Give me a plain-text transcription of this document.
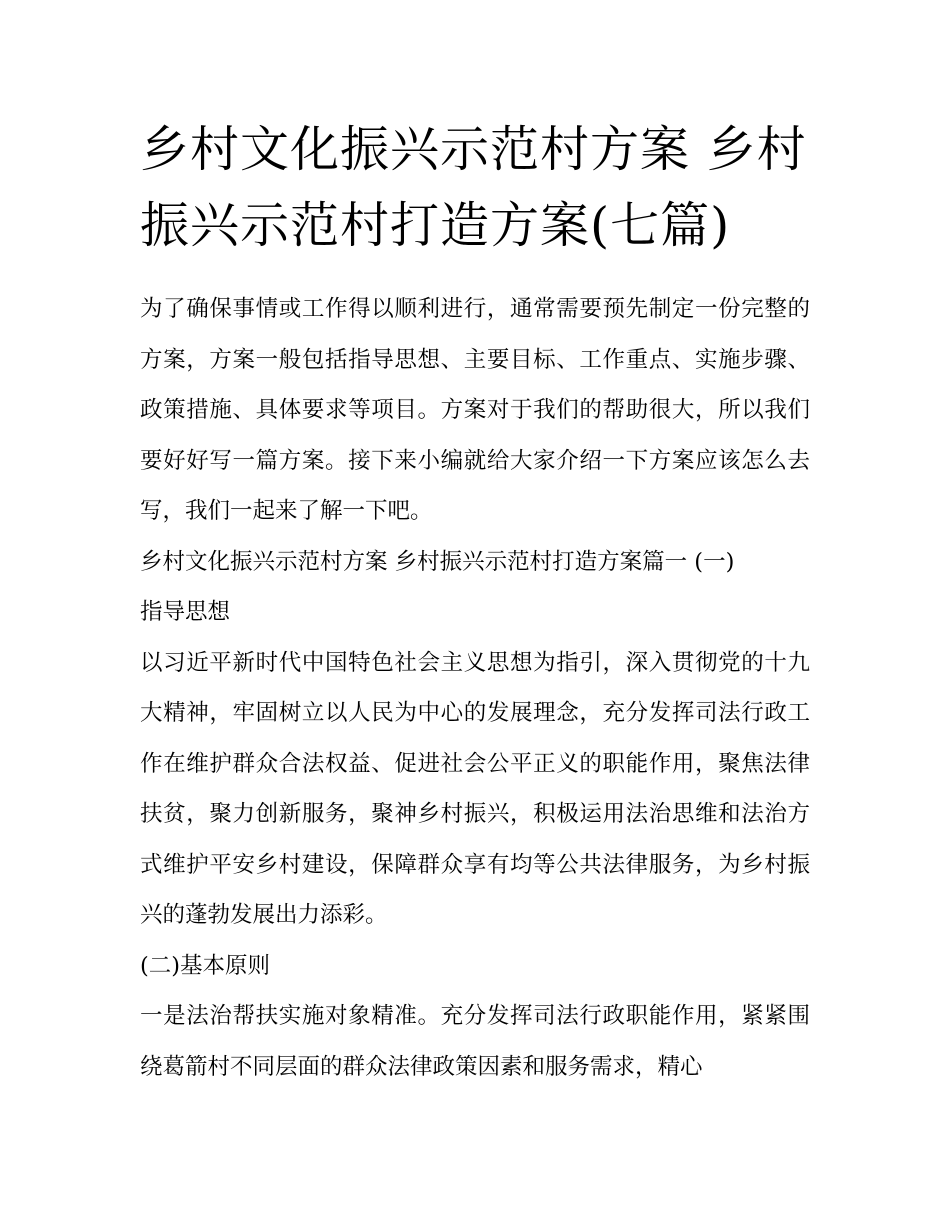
乡村文化振兴示范村方案 乡村振兴示范村打造方案(七篇)

为了确保事情或工作得以顺利进行，通常需要预先制定一份完整的方案，方案一般包括指导思想、主要目标、工作重点、实施步骤、政策措施、具体要求等项目。方案对于我们的帮助很大，所以我们要好好写一篇方案。接下来小编就给大家介绍一下方案应该怎么去写，我们一起来了解一下吧。

乡村文化振兴示范村方案 乡村振兴示范村打造方案篇一 (一)

指导思想

以习近平新时代中国特色社会主义思想为指引，深入贯彻党的十九大精神，牢固树立以人民为中心的发展理念，充分发挥司法行政工作在维护群众合法权益、促进社会公平正义的职能作用，聚焦法律扶贫，聚力创新服务，聚神乡村振兴，积极运用法治思维和法治方式维护平安乡村建设，保障群众享有均等公共法律服务，为乡村振兴的蓬勃发展出力添彩。

(二)基本原则

一是法治帮扶实施对象精准。充分发挥司法行政职能作用，紧紧围绕葛箭村不同层面的群众法律政策因素和服务需求，精心
